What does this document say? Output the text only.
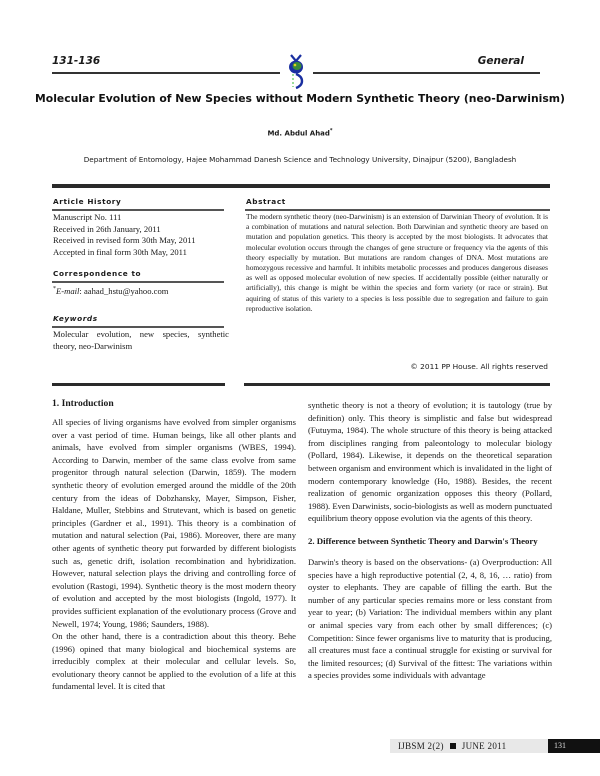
131-136	General
Molecular Evolution of New Species without Modern Synthetic Theory (neo-Darwinism)
Md. Abdul Ahad*
Department of Entomology, Hajee Mohammad Danesh Science and Technology University, Dinajpur (5200), Bangladesh
Article History
Manuscript No. 111
Received in 26th January, 2011
Received in revised form 30th May, 2011
Accepted in final form 30th May, 2011
Correspondence to
*E-mail: aahad_hstu@yahoo.com
Keywords
Molecular evolution, new species, synthetic theory, neo-Darwinism
Abstract
The modern synthetic theory (neo-Darwinism) is an extension of Darwinian Theory of evolution. It is a combination of mutations and natural selection. Both Darwinian and synthetic theory are based on mutation and population genetics. This theory is accepted by the most biologists. It advocates that molecular evolution occurs through the changes of gene structure or frequency via the agents of this theory especially by mutation. But mutations are random changes of DNA. Most mutations are homozygous recessive and harmful. It inhibits metabolic processes and produces dangerous diseases as well as opposed molecular evolution of new species. If accidentally possible (either naturally or artificially), this change is might be within the species and form variety (or race or strain). But aquiring of status of this variety to a species is less possible due to segregation and failure to gain reproductive isolation.
© 2011 PP House. All rights reserved
1. Introduction

All species of living organisms have evolved from simpler organisms over a vast period of time. Human beings, like all other plants and animals, have evolved from simpler organisms (WBES, 1994). According to Darwin, member of the same class evolve from same progenitor through natural selection (Darwin, 1859). The modern synthetic theory of evolution emerged around the middle of the 20th century from the ideas of Dobzhansky, Mayer, Simpson, Fisher, Haldane, Muller, Stebbins and Strutevant, which is based on genetic principles (Gardner et al., 1991). This theory is a combination of mutation and natural selection (Pai, 1986). Moreover, there are many other agents of synthetic theory put forwarded by different biologists such as, genetic drift, isolation recombination and hybridization. However, natural selection plays the driving and controlling force of evolution (Rastogi, 1994). Synthetic theory is the most modern theory of evolution and accepted by the most biologists (Ingold, 1977). It provides sufficient explanation of the evolutionary process (Grove and Newell, 1974; Young, 1986; Saunders, 1988).

On the other hand, there is a contradiction about this theory. Behe (1996) opined that many biological and biochemical systems are irreducibly complex at their molecular and cellular levels. So, evolutionary theory cannot be applied to the evolution of a life at this fundamental level. It is cited that

synthetic theory is not a theory of evolution; it is tautology (true by definition) only. This theory is simplistic and false but widespread (Futuyma, 1984). The whole structure of this theory is being attacked from disciplines ranging from paleontology to molecular biology (Pollard, 1984). Likewise, it depends on the theoretical separation between organism and environment which is invalidated in the light of modern contemporary knowledge (Ho, 1988). Besides, the recent realization of genomic organization opposes this theory (Pollard, 1988). Even Darwinists, socio-biologists as well as modern punctuated equilibrium theory oppose evolution via the agents of this theory.

2. Difference between Synthetic Theory and Darwin's Theory

Darwin's theory is based on the observations- (a) Overproduction: All species have a high reproductive potential (2, 4, 8, 16, … ratio) from oyster to elephants. They are capable of filling the earth. But the number of any particular species remains more or less constant from year to year; (b) Variation: The individual members within any plant or animal species vary from each other by small differences; (c) Competition: Since fewer organisms live to maturity that is producing, all creatures must face a continual struggle for existing or survival for the limited resources; (d) Survival of the fittest: The variations within a species provides some individuals with advantage

IJBSM 2(2) JUNE 2011	131
